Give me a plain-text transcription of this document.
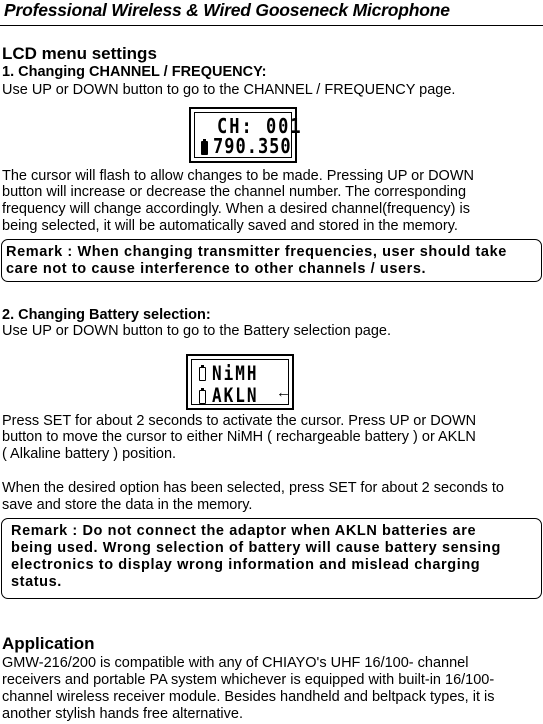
Professional Wireless & Wired Gooseneck Microphone
LCD menu settings
1. Changing CHANNEL / FREQUENCY:
Use UP or DOWN button to go to the CHANNEL / FREQUENCY page.
CH: 001
790.350
The cursor will flash to allow changes to be made. Pressing UP or DOWN
button will increase or decrease the channel number. The corresponding
frequency will change accordingly. When a desired channel(frequency) is
being selected, it will be automatically saved and stored in the memory.
Remark : When changing transmitter frequencies, user should take
care not to cause interference to other channels / users.
2. Changing Battery selection:
Use UP or DOWN button to go to the Battery selection page.
NiMH
AKLN ←
Press SET for about 2 seconds to activate the cursor. Press UP or DOWN
button to move the cursor to either NiMH ( rechargeable battery ) or AKLN
( Alkaline battery ) position.
When the desired option has been selected, press SET for about 2 seconds to
save and store the data in the memory.
Remark : Do not connect the adaptor when AKLN batteries are
being used. Wrong selection of battery will cause battery sensing
electronics to display wrong information and mislead charging
status.
Application
GMW-216/200 is compatible with any of CHIAYO's UHF 16/100- channel
receivers and portable PA system whichever is equipped with built-in 16/100-
channel wireless receiver module. Besides handheld and beltpack types, it is
another stylish hands free alternative.
